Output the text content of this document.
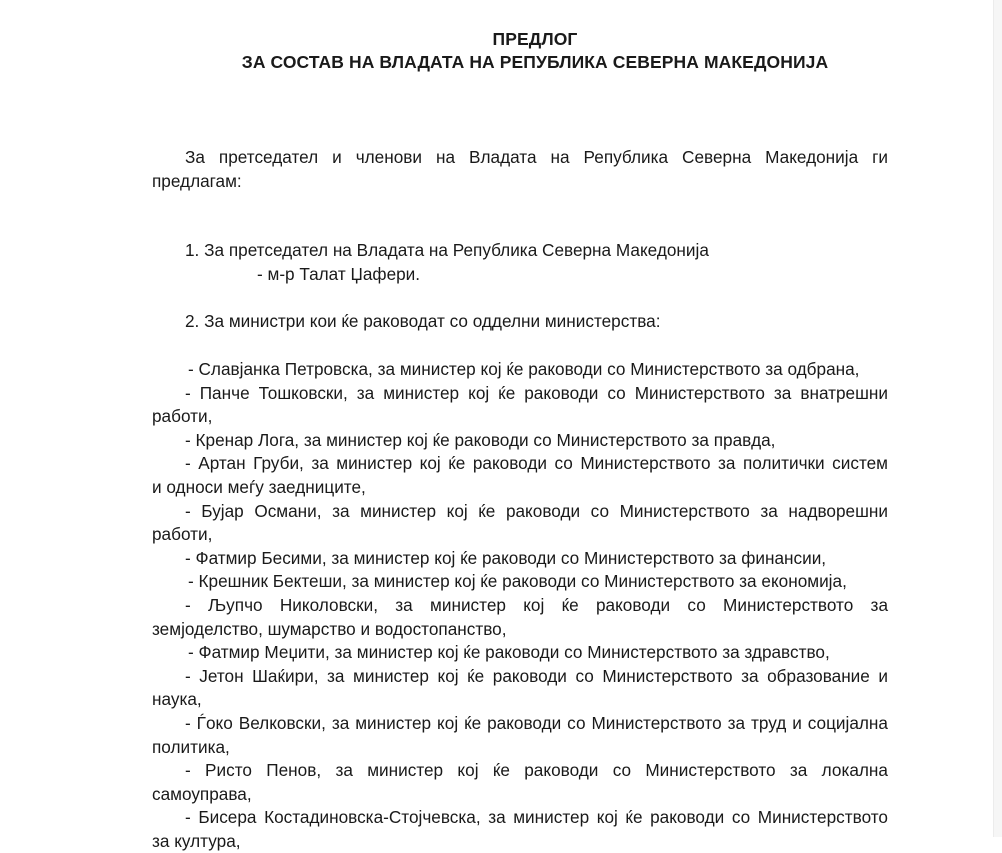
ПРЕДЛОГ
ЗА СОСТАВ НА ВЛАДАТА НА РЕПУБЛИКА СЕВЕРНА МАКЕДОНИЈА
За претседател и членови на Владата на Република Северна Македонија ги
предлагам:
1. За претседател на Владата на Република Северна Македонија
- м-р Талат Џафери.
2. За министри кои ќе раководат со одделни министерства:
- Славјанка Петровска, за министер кој ќе раководи со Министерството за одбрана,
- Панче Тошковски, за министер кој ќе раководи со Министерството за внатрешни
работи,
- Кренар Лога, за министер кој ќе раководи со Министерството за правда,
- Артан Груби, за министер кој ќе раководи со Министерството за политички систем
и односи меѓу заедниците,
- Бујар Османи, за министер кој ќе раководи со Министерството за надворешни
работи,
- Фатмир Бесими, за министер кој ќе раководи со Министерството за финансии,
- Крешник Бектеши, за министер кој ќе раководи со Министерството за економија,
- Љупчо Николовски, за министер кој ќе раководи со Министерството за
земјоделство, шумарство и водостопанство,
- Фатмир Меџити, за министер кој ќе раководи со Министерството за здравство,
- Јетон Шаќири, за министер кој ќе раководи со Министерството за образование и
наука,
- Ѓоко Велковски, за министер кој ќе раководи со Министерството за труд и социјална
политика,
- Ристо Пенов, за министер кој ќе раководи со Министерството за локална
самоуправа,
- Бисера Костадиновска-Стојчевска, за министер кој ќе раководи со Министерството
за култура,
